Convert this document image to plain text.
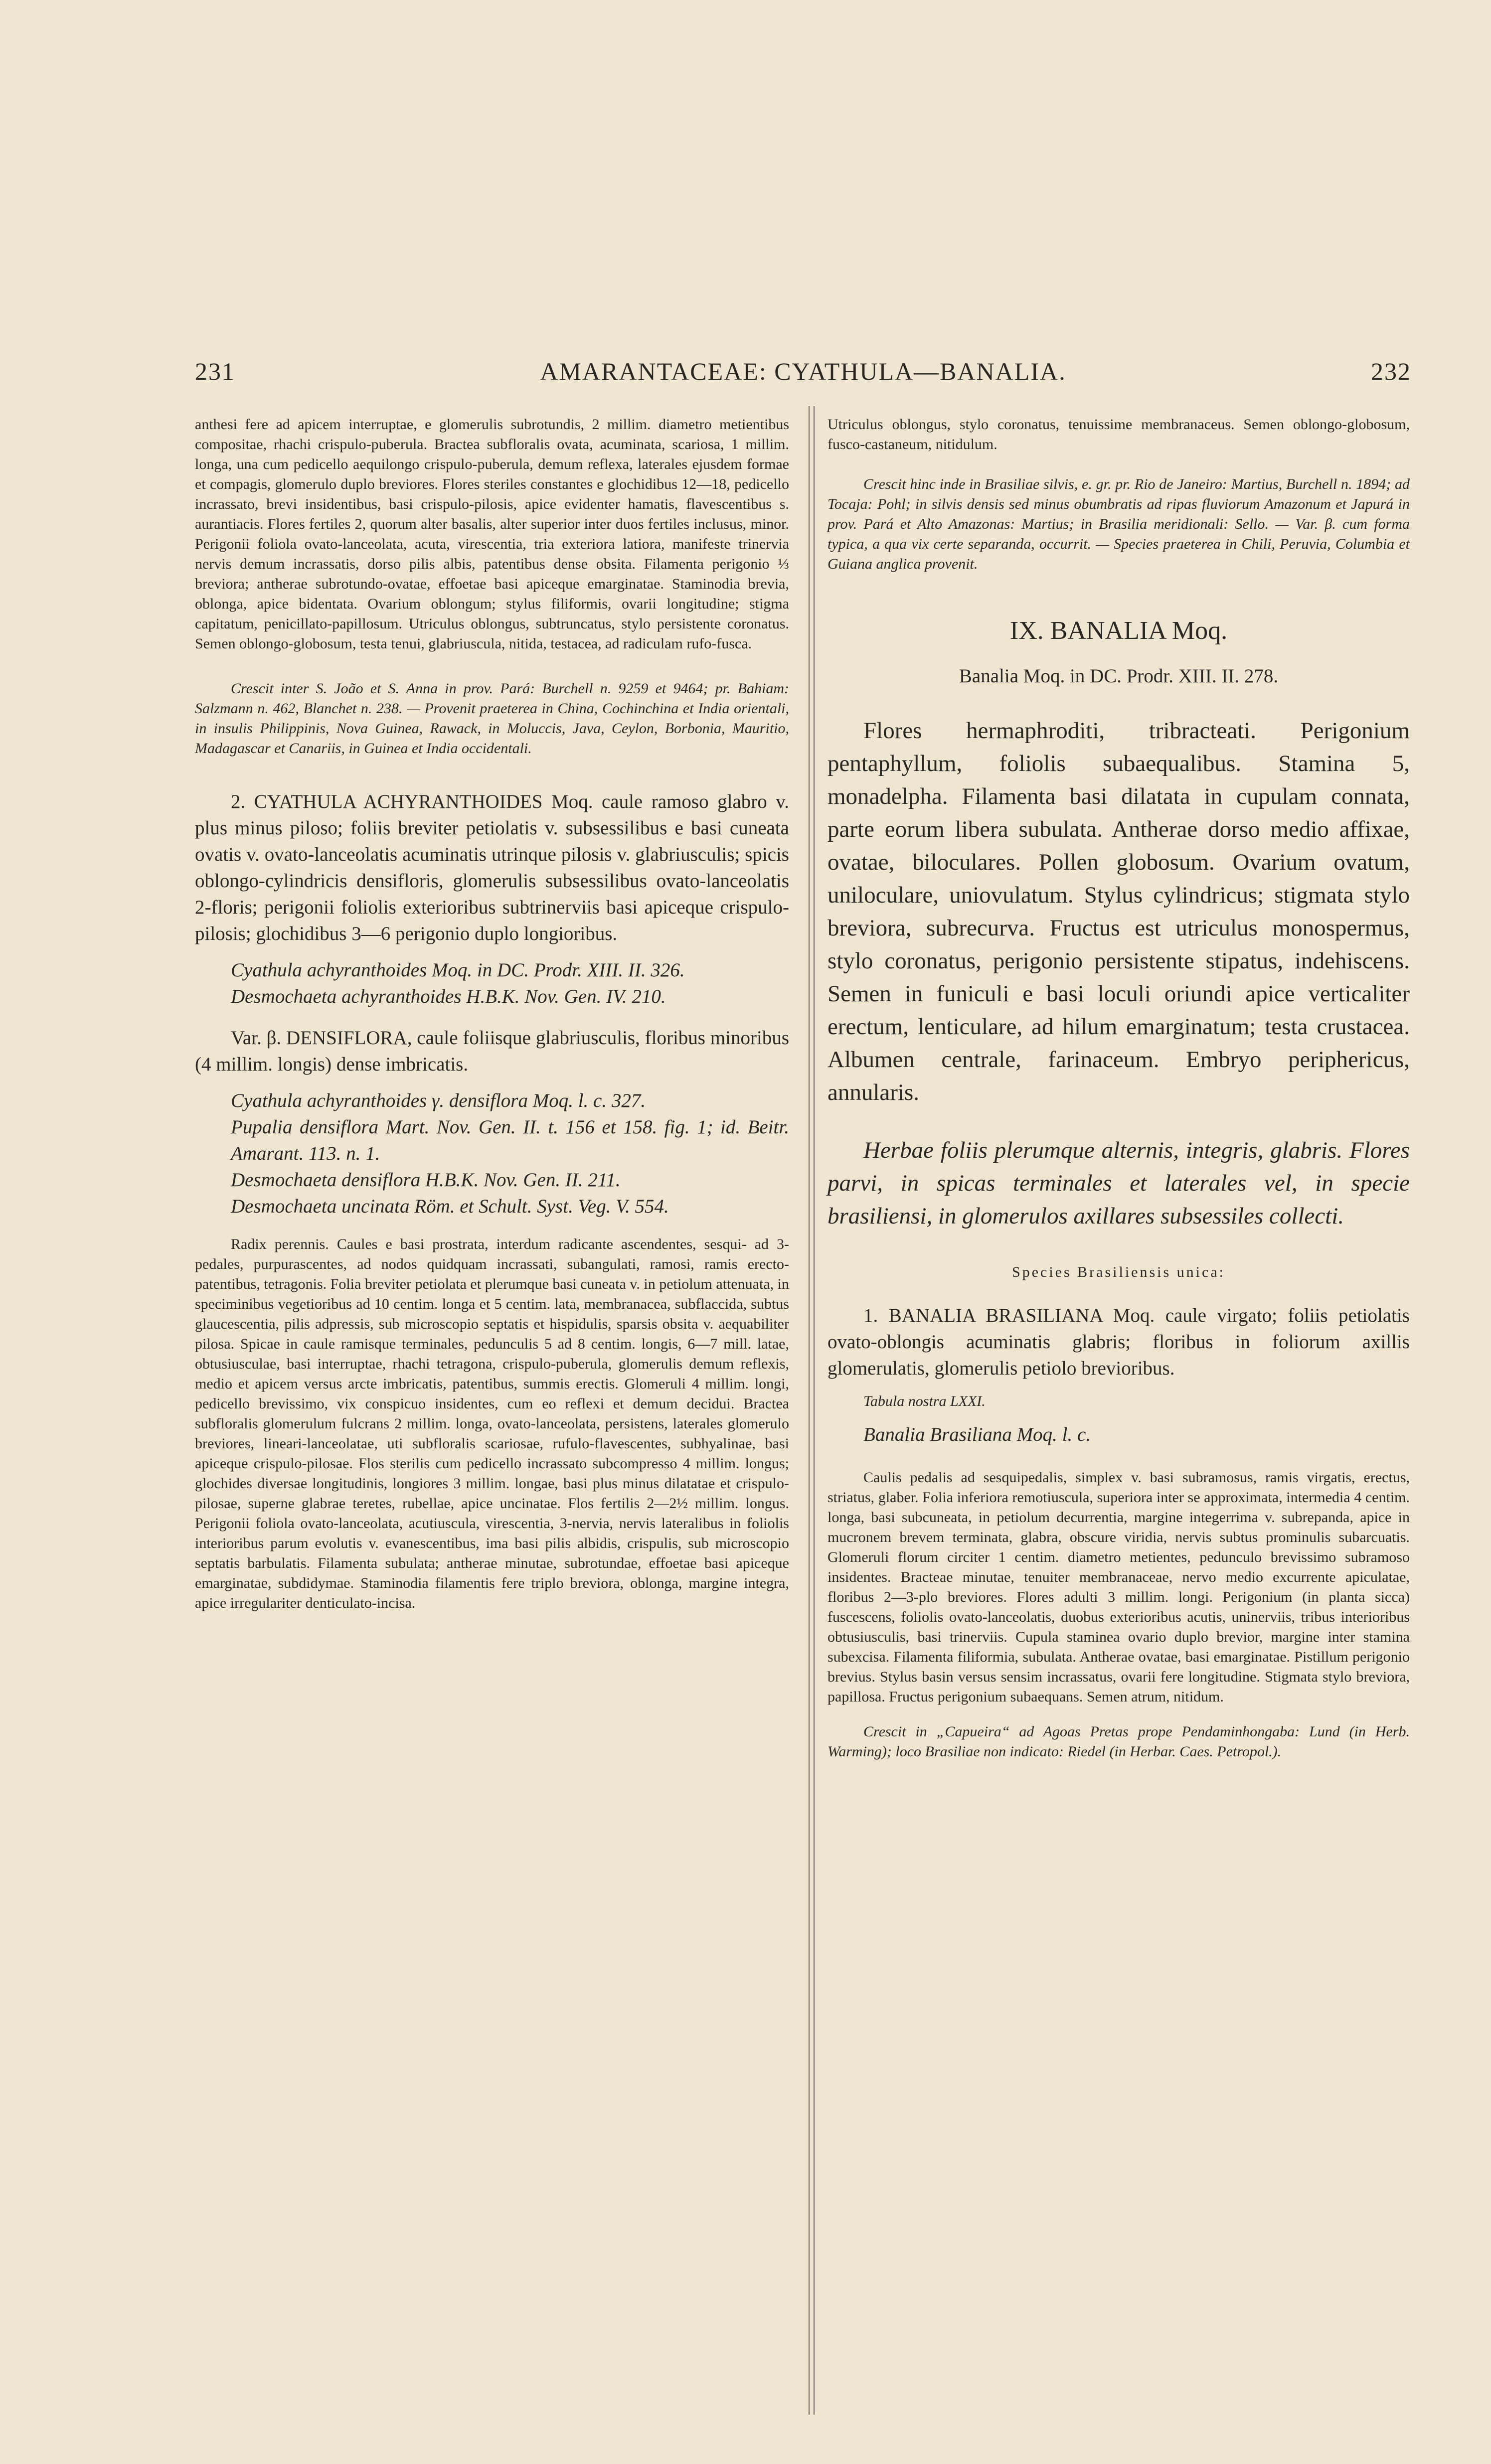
231	AMARANTACEAE: CYATHULA—BANALIA.	232

anthesi fere ad apicem interruptae, e glomerulis subrotundis, 2 millim. diametro metientibus compositae, rhachi crispulo-puberula. Bractea subfloralis ovata, acuminata, scariosa, 1 millim. longa, una cum pedicello aequilongo crispulo-puberula, demum reflexa, laterales ejusdem formae et compagis, glomerulo duplo breviores. Flores steriles constantes e glochidibus 12—18, pedicello incrassato, brevi insidentibus, basi crispulo-pilosis, apice evidenter hamatis, flavescentibus s. aurantiacis. Flores fertiles 2, quorum alter basalis, alter superior inter duos fertiles inclusus, minor. Perigonii foliola ovato-lanceolata, acuta, virescentia, tria exteriora latiora, manifeste trinervia nervis demum incrassatis, dorso pilis albis, patentibus dense obsita. Filamenta perigonio ⅓ breviora; antherae subrotundo-ovatae, effoetae basi apiceque emarginatae. Staminodia brevia, oblonga, apice bidentata. Ovarium oblongum; stylus filiformis, ovarii longitudine; stigma capitatum, penicillato-papillosum. Utriculus oblongus, subtruncatus, stylo persistente coronatus. Semen oblongo-globosum, testa tenui, glabriuscula, nitida, testacea, ad radiculam rufo-fusca.

Crescit inter S. João et S. Anna in prov. Pará: Burchell n. 9259 et 9464; pr. Bahiam: Salzmann n. 462, Blanchet n. 238. — Provenit praeterea in China, Cochinchina et India orientali, in insulis Philippinis, Nova Guinea, Rawack, in Moluccis, Java, Ceylon, Borbonia, Mauritio, Madagascar et Canariis, in Guinea et India occidentali.

2. CYATHULA ACHYRANTHOIDES Moq. caule ramoso glabro v. plus minus piloso; foliis breviter petiolatis v. subsessilibus e basi cuneata ovatis v. ovato-lanceolatis acuminatis utrinque pilosis v. glabriusculis; spicis oblongo-cylindricis densifloris, glomerulis subsessilibus ovato-lanceolatis 2-floris; perigonii foliolis exterioribus subtrinerviis basi apiceque crispulo-pilosis; glochidibus 3—6 perigonio duplo longioribus.

Cyathula achyranthoides Moq. in DC. Prodr. XIII. II. 326.

Desmochaeta achyranthoides H.B.K. Nov. Gen. IV. 210.

Var. β. DENSIFLORA, caule foliisque glabriusculis, floribus minoribus (4 millim. longis) dense imbricatis.

Cyathula achyranthoides γ. densiflora Moq. l. c. 327.

Pupalia densiflora Mart. Nov. Gen. II. t. 156 et 158. fig. 1; id. Beitr. Amarant. 113. n. 1.

Desmochaeta densiflora H.B.K. Nov. Gen. II. 211.

Desmochaeta uncinata Röm. et Schult. Syst. Veg. V. 554.

Radix perennis. Caules e basi prostrata, interdum radicante ascendentes, sesqui- ad 3-pedales, purpurascentes, ad nodos quidquam incrassati, subangulati, ramosi, ramis erecto-patentibus, tetragonis. Folia breviter petiolata et plerumque basi cuneata v. in petiolum attenuata, in speciminibus vegetioribus ad 10 centim. longa et 5 centim. lata, membranacea, subflaccida, subtus glaucescentia, pilis adpressis, sub microscopio septatis et hispidulis, sparsis obsita v. aequabiliter pilosa. Spicae in caule ramisque terminales, pedunculis 5 ad 8 centim. longis, 6—7 mill. latae, obtusiusculae, basi interruptae, rhachi tetragona, crispulo-puberula, glomerulis demum reflexis, medio et apicem versus arcte imbricatis, patentibus, summis erectis. Glomeruli 4 millim. longi, pedicello brevissimo, vix conspicuo insidentes, cum eo reflexi et demum decidui. Bractea subfloralis glomerulum fulcrans 2 millim. longa, ovato-lanceolata, persistens, laterales glomerulo breviores, lineari-lanceolatae, uti subfloralis scariosae, rufulo-flavescentes, subhyalinae, basi apiceque crispulo-pilosae. Flos sterilis cum pedicello incrassato subcompresso 4 millim. longus; glochides diversae longitudinis, longiores 3 millim. longae, basi plus minus dilatatae et crispulo-pilosae, superne glabrae teretes, rubellae, apice uncinatae. Flos fertilis 2—2½ millim. longus. Perigonii foliola ovato-lanceolata, acutiuscula, virescentia, 3-nervia, nervis lateralibus in foliolis interioribus parum evolutis v. evanescentibus, ima basi pilis albidis, crispulis, sub microscopio septatis barbulatis. Filamenta subulata; antherae minutae, subrotundae, effoetae basi apiceque emarginatae, subdidymae. Staminodia filamentis fere triplo breviora, oblonga, margine integra, apice irregulariter denticulato-incisa.

Utriculus oblongus, stylo coronatus, tenuissime membranaceus. Semen oblongo-globosum, fusco-castaneum, nitidulum.

Crescit hinc inde in Brasiliae silvis, e. gr. pr. Rio de Janeiro: Martius, Burchell n. 1894; ad Tocaja: Pohl; in silvis densis sed minus obumbratis ad ripas fluviorum Amazonum et Japurá in prov. Pará et Alto Amazonas: Martius; in Brasilia meridionali: Sello. — Var. β. cum forma typica, a qua vix certe separanda, occurrit. — Species praeterea in Chili, Peruvia, Columbia et Guiana anglica provenit.

IX. BANALIA Moq.

Banalia Moq. in DC. Prodr. XIII. II. 278.

Flores hermaphroditi, tribracteati. Perigonium pentaphyllum, foliolis subaequalibus. Stamina 5, monadelpha. Filamenta basi dilatata in cupulam connata, parte eorum libera subulata. Antherae dorso medio affixae, ovatae, biloculares. Pollen globosum. Ovarium ovatum, uniloculare, uniovulatum. Stylus cylindricus; stigmata stylo breviora, subrecurva. Fructus est utriculus monospermus, stylo coronatus, perigonio persistente stipatus, indehiscens. Semen in funiculi e basi loculi oriundi apice verticaliter erectum, lenticulare, ad hilum emarginatum; testa crustacea. Albumen centrale, farinaceum. Embryo periphericus, annularis.

Herbae foliis plerumque alternis, integris, glabris. Flores parvi, in spicas terminales et laterales vel, in specie brasiliensi, in glomerulos axillares subsessiles collecti.

Species Brasiliensis unica:

1. BANALIA BRASILIANA Moq. caule virgato; foliis petiolatis ovato-oblongis acuminatis glabris; floribus in foliorum axillis glomerulatis, glomerulis petiolo brevioribus.

Tabula nostra LXXI.

Banalia Brasiliana Moq. l. c.

Caulis pedalis ad sesquipedalis, simplex v. basi subramosus, ramis virgatis, erectus, striatus, glaber. Folia inferiora remotiuscula, superiora inter se approximata, intermedia 4 centim. longa, basi subcuneata, in petiolum decurrentia, margine integerrima v. subrepanda, apice in mucronem brevem terminata, glabra, obscure viridia, nervis subtus prominulis subarcuatis. Glomeruli florum circiter 1 centim. diametro metientes, pedunculo brevissimo subramoso insidentes. Bracteae minutae, tenuiter membranaceae, nervo medio excurrente apiculatae, floribus 2—3-plo breviores. Flores adulti 3 millim. longi. Perigonium (in planta sicca) fuscescens, foliolis ovato-lanceolatis, duobus exterioribus acutis, uninerviis, tribus interioribus obtusiusculis, basi trinerviis. Cupula staminea ovario duplo brevior, margine inter stamina subexcisa. Filamenta filiformia, subulata. Antherae ovatae, basi emarginatae. Pistillum perigonio brevius. Stylus basin versus sensim incrassatus, ovarii fere longitudine. Stigmata stylo breviora, papillosa. Fructus perigonium subaequans. Semen atrum, nitidum.

Crescit in „Capueira“ ad Agoas Pretas prope Pendaminhongaba: Lund (in Herb. Warming); loco Brasiliae non indicato: Riedel (in Herbar. Caes. Petropol.).
